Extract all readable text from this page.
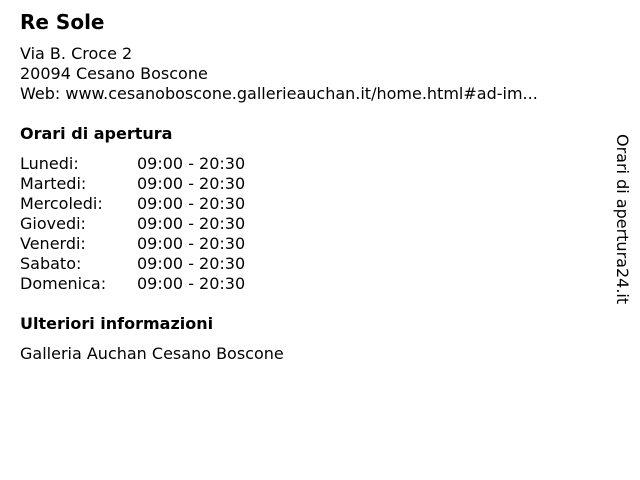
Re Sole
Via B. Croce 2
20094 Cesano Boscone
Web: www.cesanoboscone.gallerieauchan.it/home.html#ad-im...
Orari di apertura
Lunedi:	09:00 - 20:30
Martedi:	09:00 - 20:30
Mercoledi:	09:00 - 20:30
Giovedi:	09:00 - 20:30
Venerdi:	09:00 - 20:30
Sabato:	09:00 - 20:30
Domenica:	09:00 - 20:30
Ulteriori informazioni
Galleria Auchan Cesano Boscone
Orari di apertura24.it
